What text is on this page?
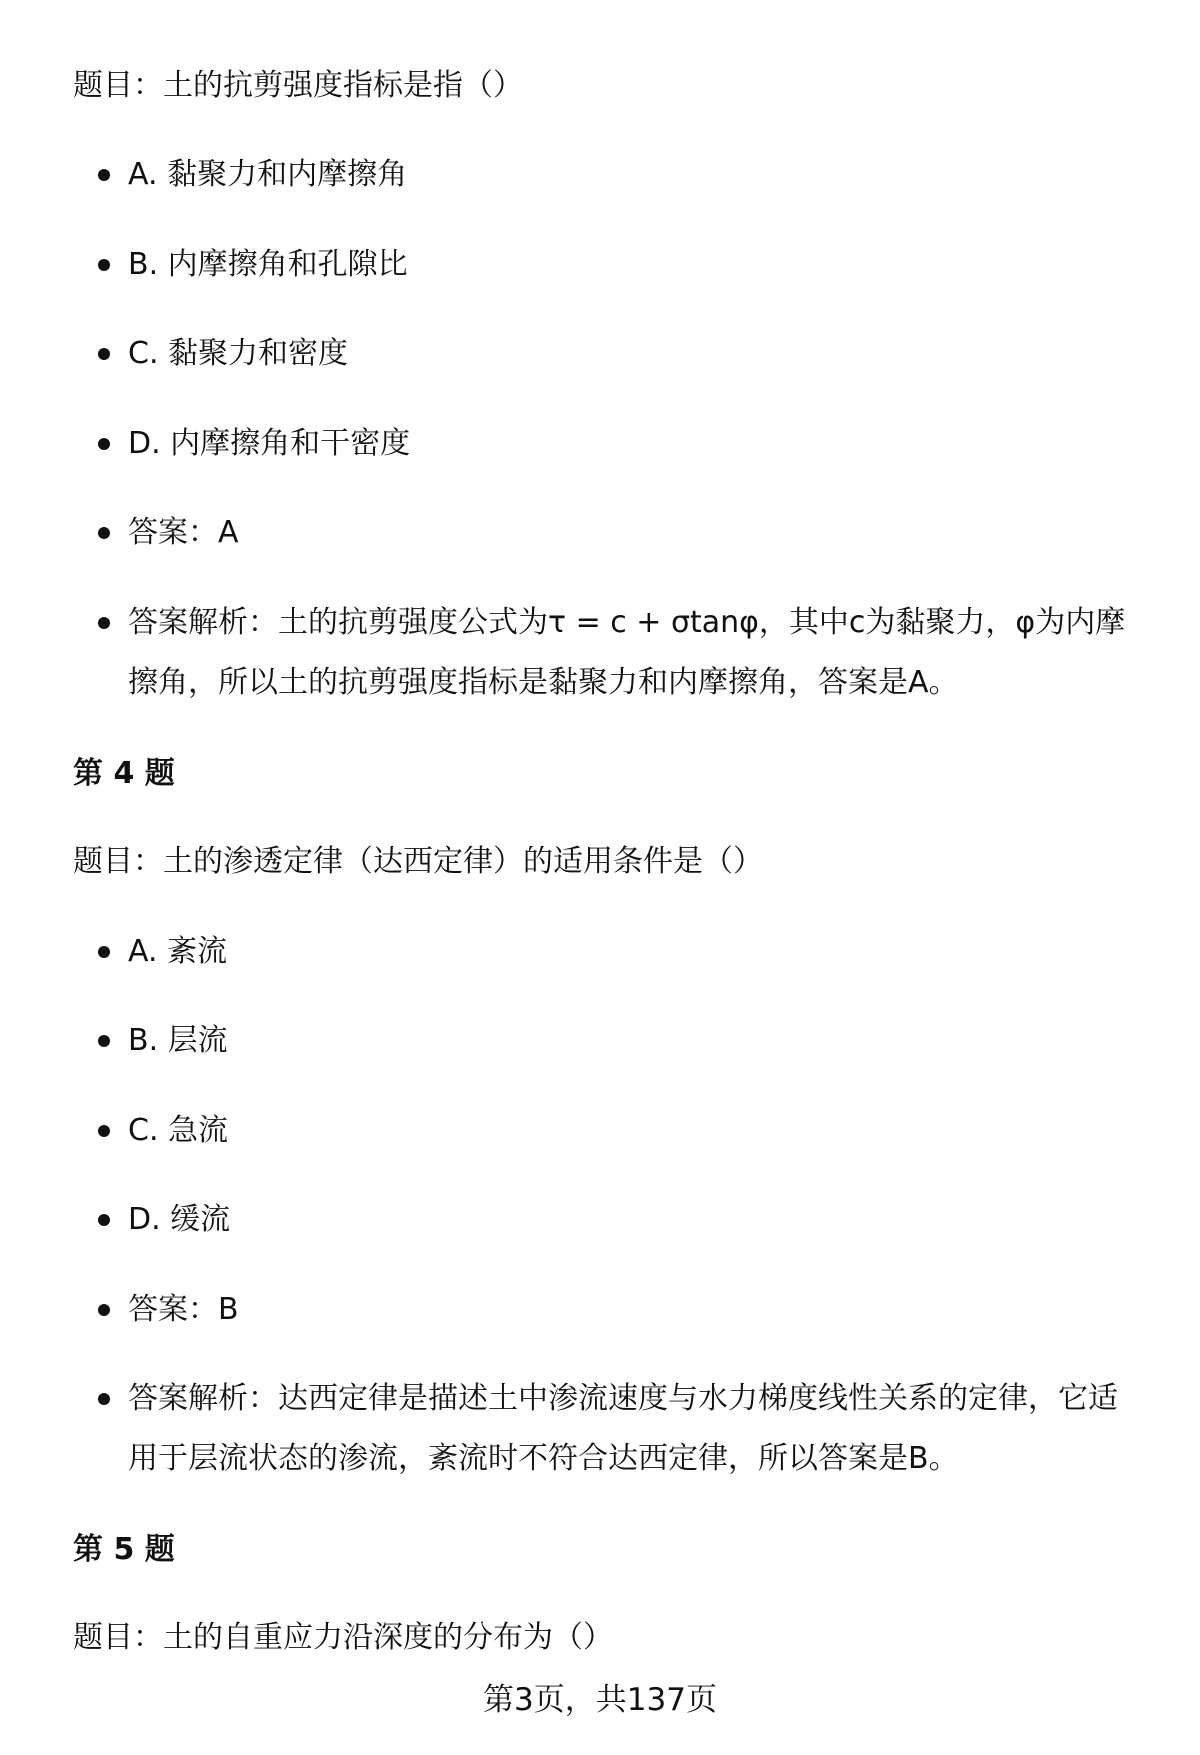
题目：土的抗剪强度指标是指（）
A. 黏聚力和内摩擦角
B. 内摩擦角和孔隙比
C. 黏聚力和密度
D. 内摩擦角和干密度
答案：A
答案解析：土的抗剪强度公式为τ = c + σtanφ，其中c为黏聚力，φ为内摩擦角，所以土的抗剪强度指标是黏聚力和内摩擦角，答案是A。
第 4 题
题目：土的渗透定律（达西定律）的适用条件是（）
A. 紊流
B. 层流
C. 急流
D. 缓流
答案：B
答案解析：达西定律是描述土中渗流速度与水力梯度线性关系的定律，它适用于层流状态的渗流，紊流时不符合达西定律，所以答案是B。
第 5 题
题目：土的自重应力沿深度的分布为（）
第3页，共137页
